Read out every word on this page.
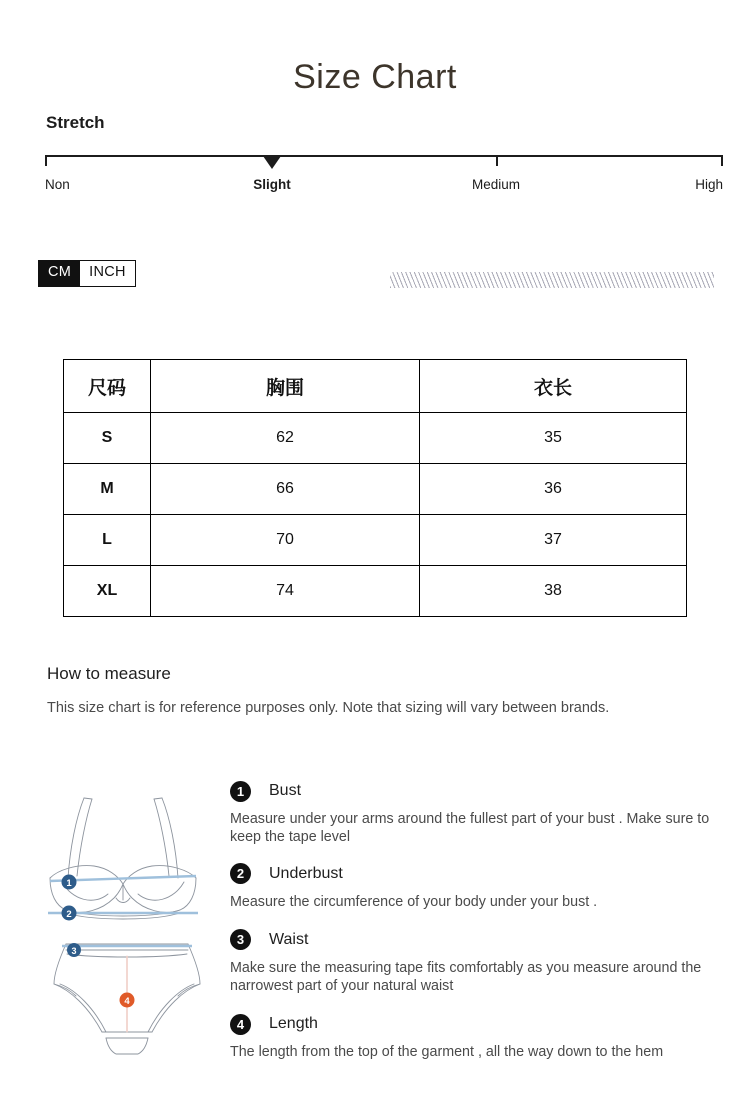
Size Chart
Stretch
Non	Slight	Medium	High
CM	INCH
尺码	胸围	衣长
S	62	35
M	66	36
L	70	37
XL	74	38
How to measure
This size chart is for reference purposes only. Note that sizing will vary between brands.
1
2
3
4
1	Bust
Measure under your arms around the fullest part of your bust . Make sure to keep the tape level
2	Underbust
Measure the circumference of your body under your bust .
3	Waist
Make sure the measuring tape fits comfortably as you measure around the narrowest part of your natural waist
4	Length
The length from the top of the garment , all the way down to the hem
